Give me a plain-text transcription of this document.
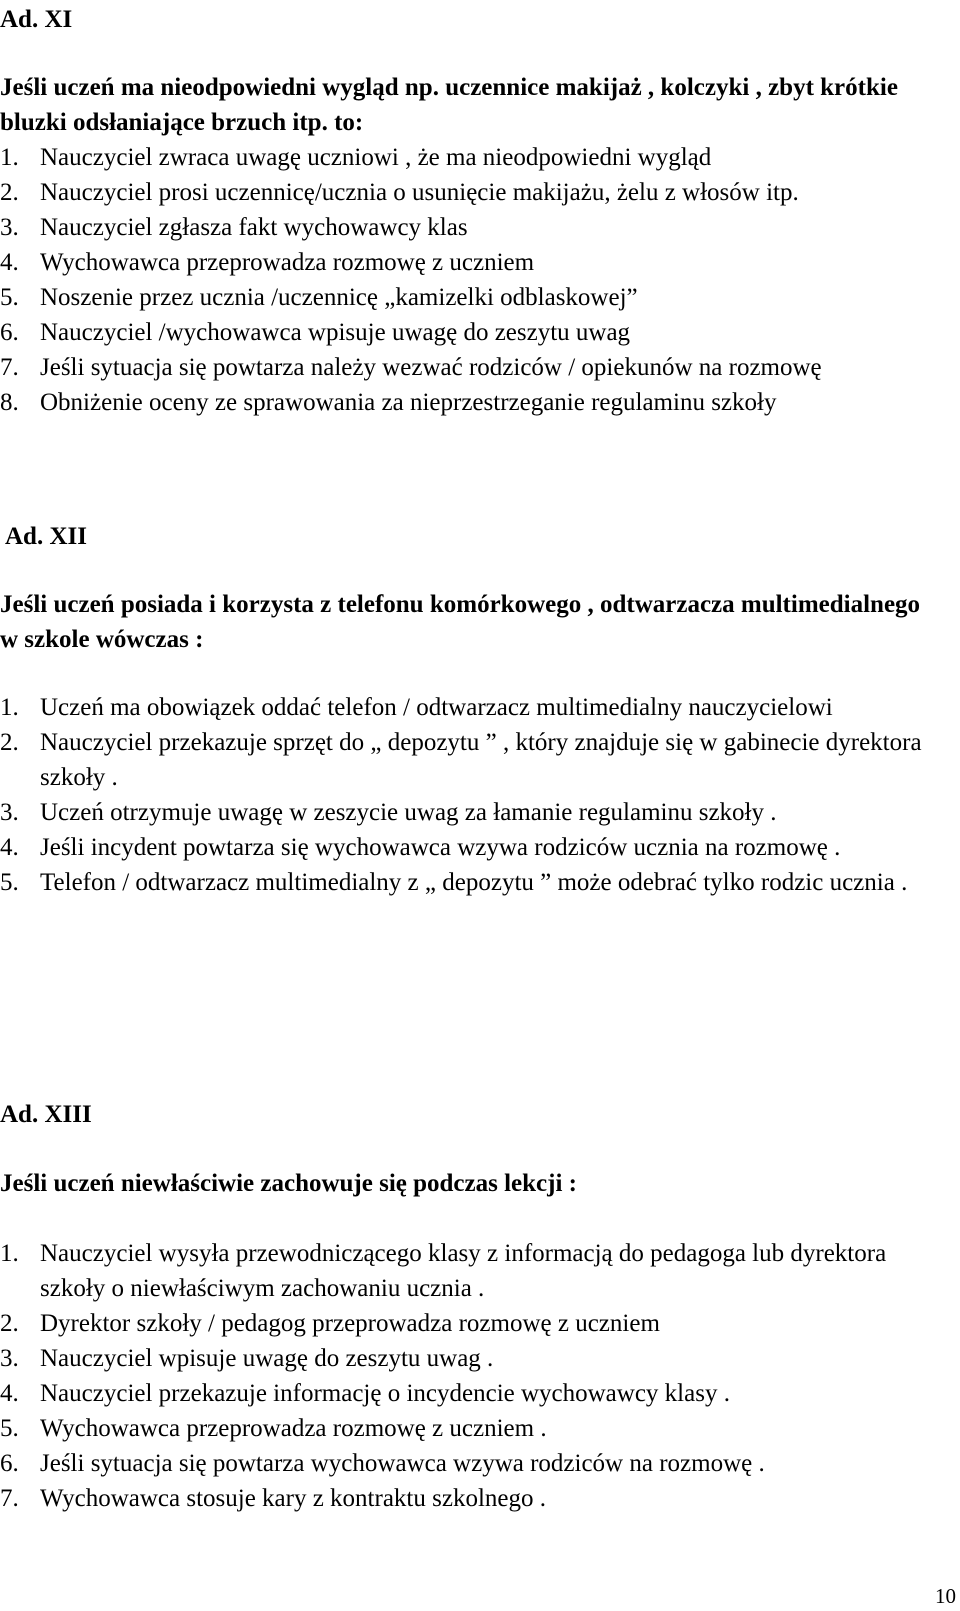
Ad. XI

Jeśli uczeń ma nieodpowiedni wygląd np. uczennice makijaż , kolczyki , zbyt krótkie bluzki odsłaniające brzuch itp. to:

1. Nauczyciel zwraca uwagę uczniowi , że ma nieodpowiedni wygląd
2. Nauczyciel prosi uczennicę/ucznia o usunięcie makijażu, żelu z włosów itp.
3. Nauczyciel zgłasza fakt wychowawcy klas
4. Wychowawca przeprowadza rozmowę z uczniem
5. Noszenie przez ucznia /uczennicę „kamizelki odblaskowej”
6. Nauczyciel /wychowawca wpisuje uwagę do zeszytu uwag
7. Jeśli sytuacja się powtarza należy wezwać rodziców / opiekunów na rozmowę
8. Obniżenie oceny ze sprawowania za nieprzestrzeganie regulaminu szkoły
Ad. XII

Jeśli uczeń posiada i korzysta z telefonu komórkowego , odtwarzacza multimedialnego w szkole wówczas :

1. Uczeń ma obowiązek oddać telefon / odtwarzacz multimedialny nauczycielowi
2. Nauczyciel przekazuje sprzęt do „ depozytu ” , który znajduje się w gabinecie dyrektora szkoły .
3. Uczeń otrzymuje uwagę w zeszycie uwag za łamanie regulaminu szkoły .
4. Jeśli incydent powtarza się wychowawca wzywa rodziców ucznia na rozmowę .
5. Telefon / odtwarzacz multimedialny z „ depozytu ” może odebrać tylko rodzic ucznia .
Ad. XIII

Jeśli uczeń niewłaściwie zachowuje się podczas lekcji :

1. Nauczyciel wysyła przewodniczącego klasy z informacją do pedagoga lub dyrektora szkoły o niewłaściwym zachowaniu ucznia .
2. Dyrektor szkoły / pedagog przeprowadza rozmowę z uczniem
3. Nauczyciel wpisuje uwagę do zeszytu uwag .
4. Nauczyciel przekazuje informację o incydencie wychowawcy klasy .
5. Wychowawca przeprowadza rozmowę z uczniem .
6. Jeśli sytuacja się powtarza wychowawca wzywa rodziców na rozmowę .
7. Wychowawca stosuje kary z kontraktu szkolnego .
10
